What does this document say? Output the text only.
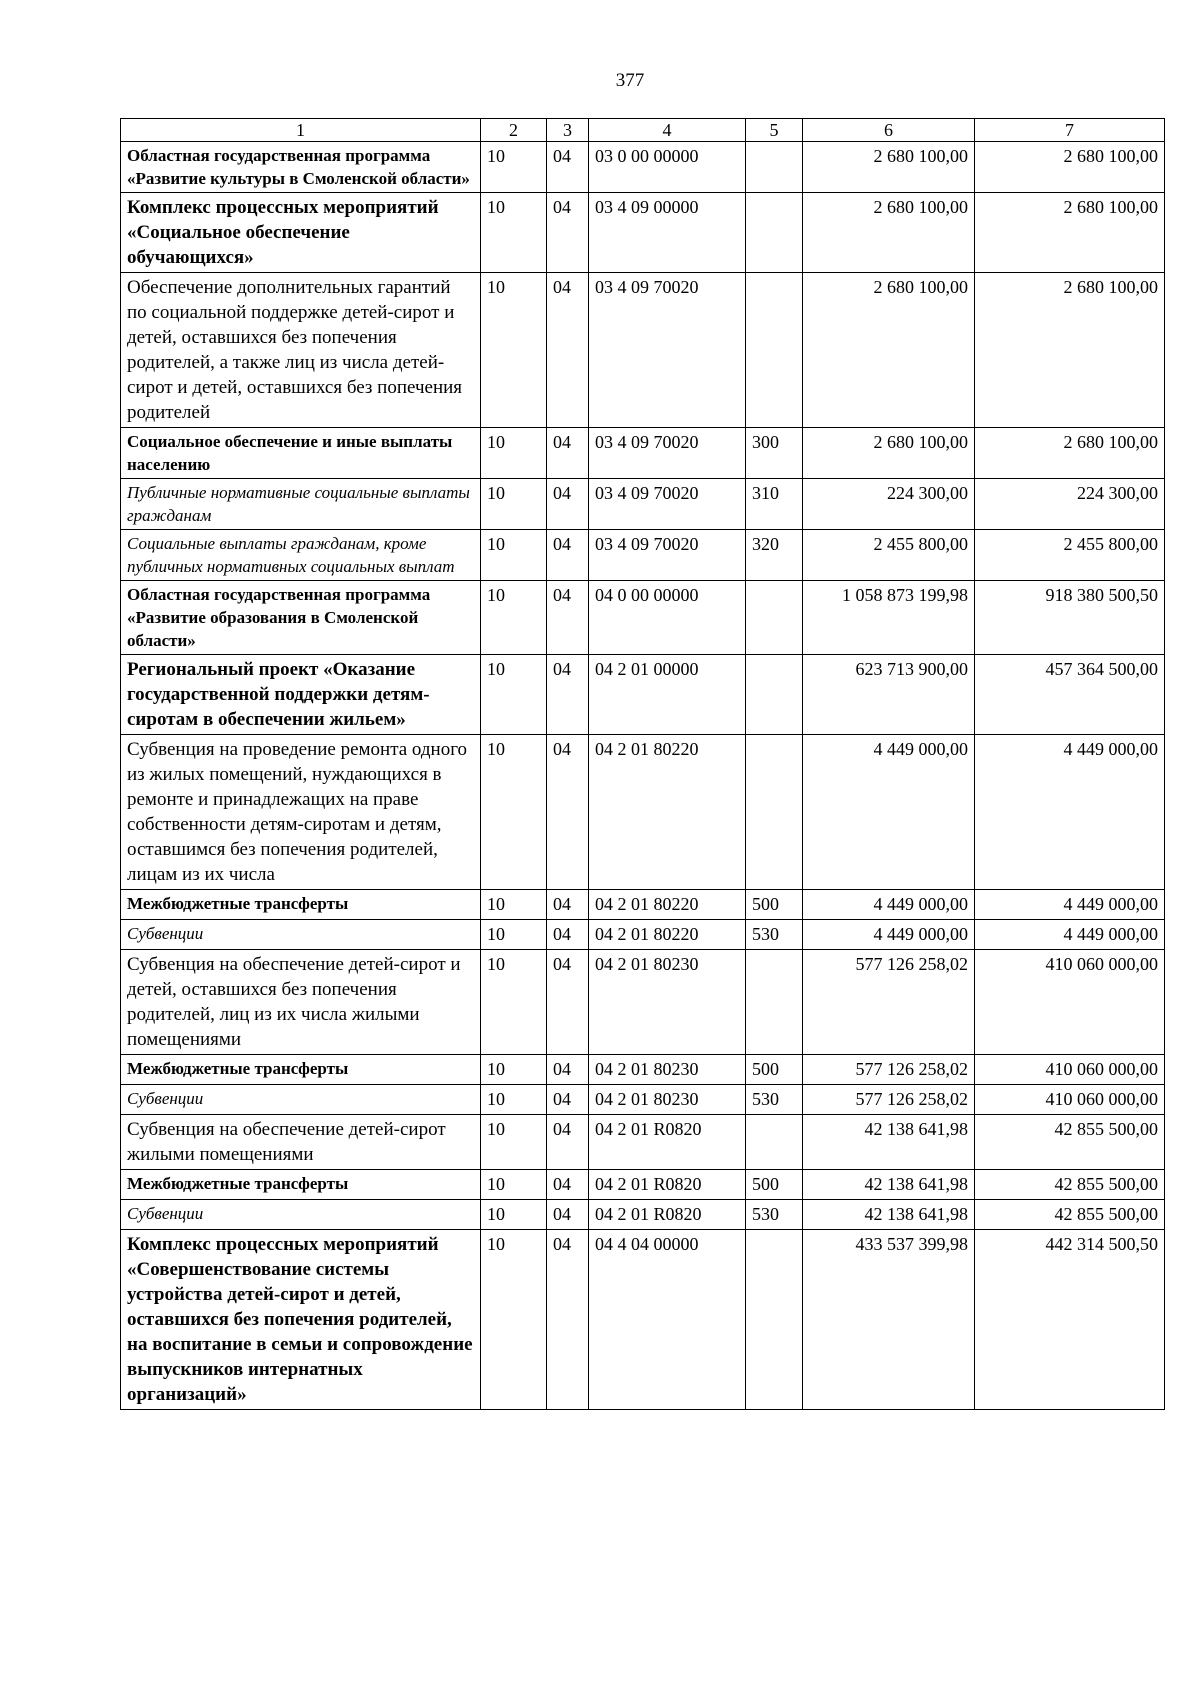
377
1	2	3	4	5	6	7
Областная государственная программа «Развитие культуры в Смоленской области»	10	04	03 0 00 00000		2 680 100,00	2 680 100,00
Комплекс процессных мероприятий «Социальное обеспечение обучающихся»	10	04	03 4 09 00000		2 680 100,00	2 680 100,00
Обеспечение дополнительных гарантий по социальной поддержке детей-сирот и детей, оставшихся без попечения родителей, а также лиц из числа детей-сирот и детей, оставшихся без попечения родителей	10	04	03 4 09 70020		2 680 100,00	2 680 100,00
Социальное обеспечение и иные выплаты населению	10	04	03 4 09 70020	300	2 680 100,00	2 680 100,00
Публичные нормативные социальные выплаты гражданам	10	04	03 4 09 70020	310	224 300,00	224 300,00
Социальные выплаты гражданам, кроме публичных нормативных социальных выплат	10	04	03 4 09 70020	320	2 455 800,00	2 455 800,00
Областная государственная программа «Развитие образования в Смоленской области»	10	04	04 0 00 00000		1 058 873 199,98	918 380 500,50
Региональный проект «Оказание государственной поддержки детям-сиротам в обеспечении жильем»	10	04	04 2 01 00000		623 713 900,00	457 364 500,00
Субвенция на проведение ремонта одного из жилых помещений, нуждающихся в ремонте и принадлежащих на праве собственности детям-сиротам и детям, оставшимся без попечения родителей, лицам из их числа	10	04	04 2 01 80220		4 449 000,00	4 449 000,00
Межбюджетные трансферты	10	04	04 2 01 80220	500	4 449 000,00	4 449 000,00
Субвенции	10	04	04 2 01 80220	530	4 449 000,00	4 449 000,00
Субвенция на обеспечение детей-сирот и детей, оставшихся без попечения родителей, лиц из их числа жилыми помещениями	10	04	04 2 01 80230		577 126 258,02	410 060 000,00
Межбюджетные трансферты	10	04	04 2 01 80230	500	577 126 258,02	410 060 000,00
Субвенции	10	04	04 2 01 80230	530	577 126 258,02	410 060 000,00
Субвенция на обеспечение детей-сирот жилыми помещениями	10	04	04 2 01 R0820		42 138 641,98	42 855 500,00
Межбюджетные трансферты	10	04	04 2 01 R0820	500	42 138 641,98	42 855 500,00
Субвенции	10	04	04 2 01 R0820	530	42 138 641,98	42 855 500,00
Комплекс процессных мероприятий «Совершенствование системы устройства детей-сирот и детей, оставшихся без попечения родителей, на воспитание в семьи и сопровождение выпускников интернатных организаций»	10	04	04 4 04 00000		433 537 399,98	442 314 500,50
